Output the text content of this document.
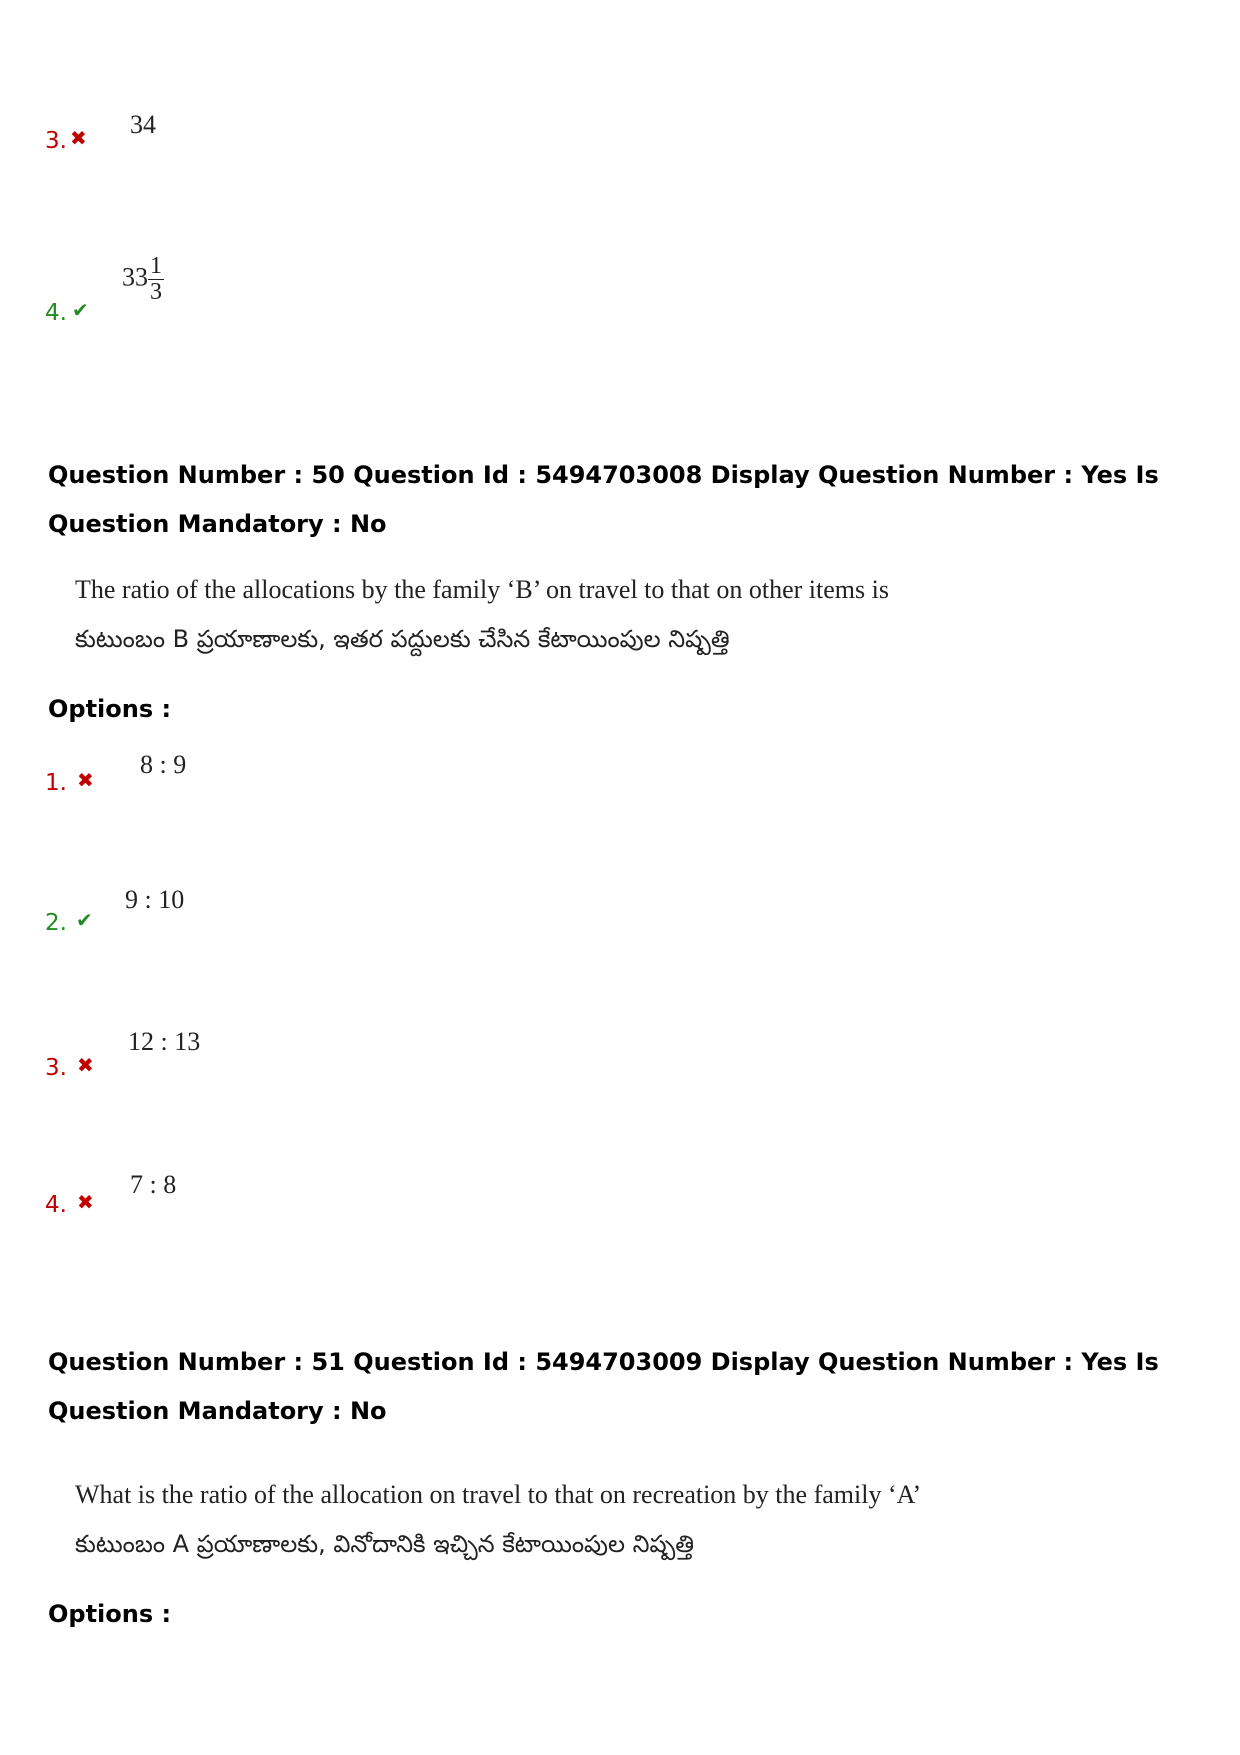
3. ✖ 34
4. ✔
$33 \frac{1}{3}$
Question Number : 50 Question Id : 5494703008 Display Question Number : Yes Is Question Mandatory : No
The ratio of the allocations by the family ‘B’ on travel to that on other items is
కుటుంబం B ప్రయాణాలకు, ఇతర పద్దులకు చేసిన కేటాయింపుల నిష్పత్తి
Options :
1. ✖
8 : 9
2. ✔
9 : 10
3. ✖
12 : 13
4. ✖
7 : 8
Question Number : 51 Question Id : 5494703009 Display Question Number : Yes Is Question Mandatory : No
What is the ratio of the allocation on travel to that on recreation by the family ‘A’
కుటుంబం A ప్రయాణాలకు, వినోదానికి ఇచ్చిన కేటాయింపుల నిష్పత్తి
Options :
